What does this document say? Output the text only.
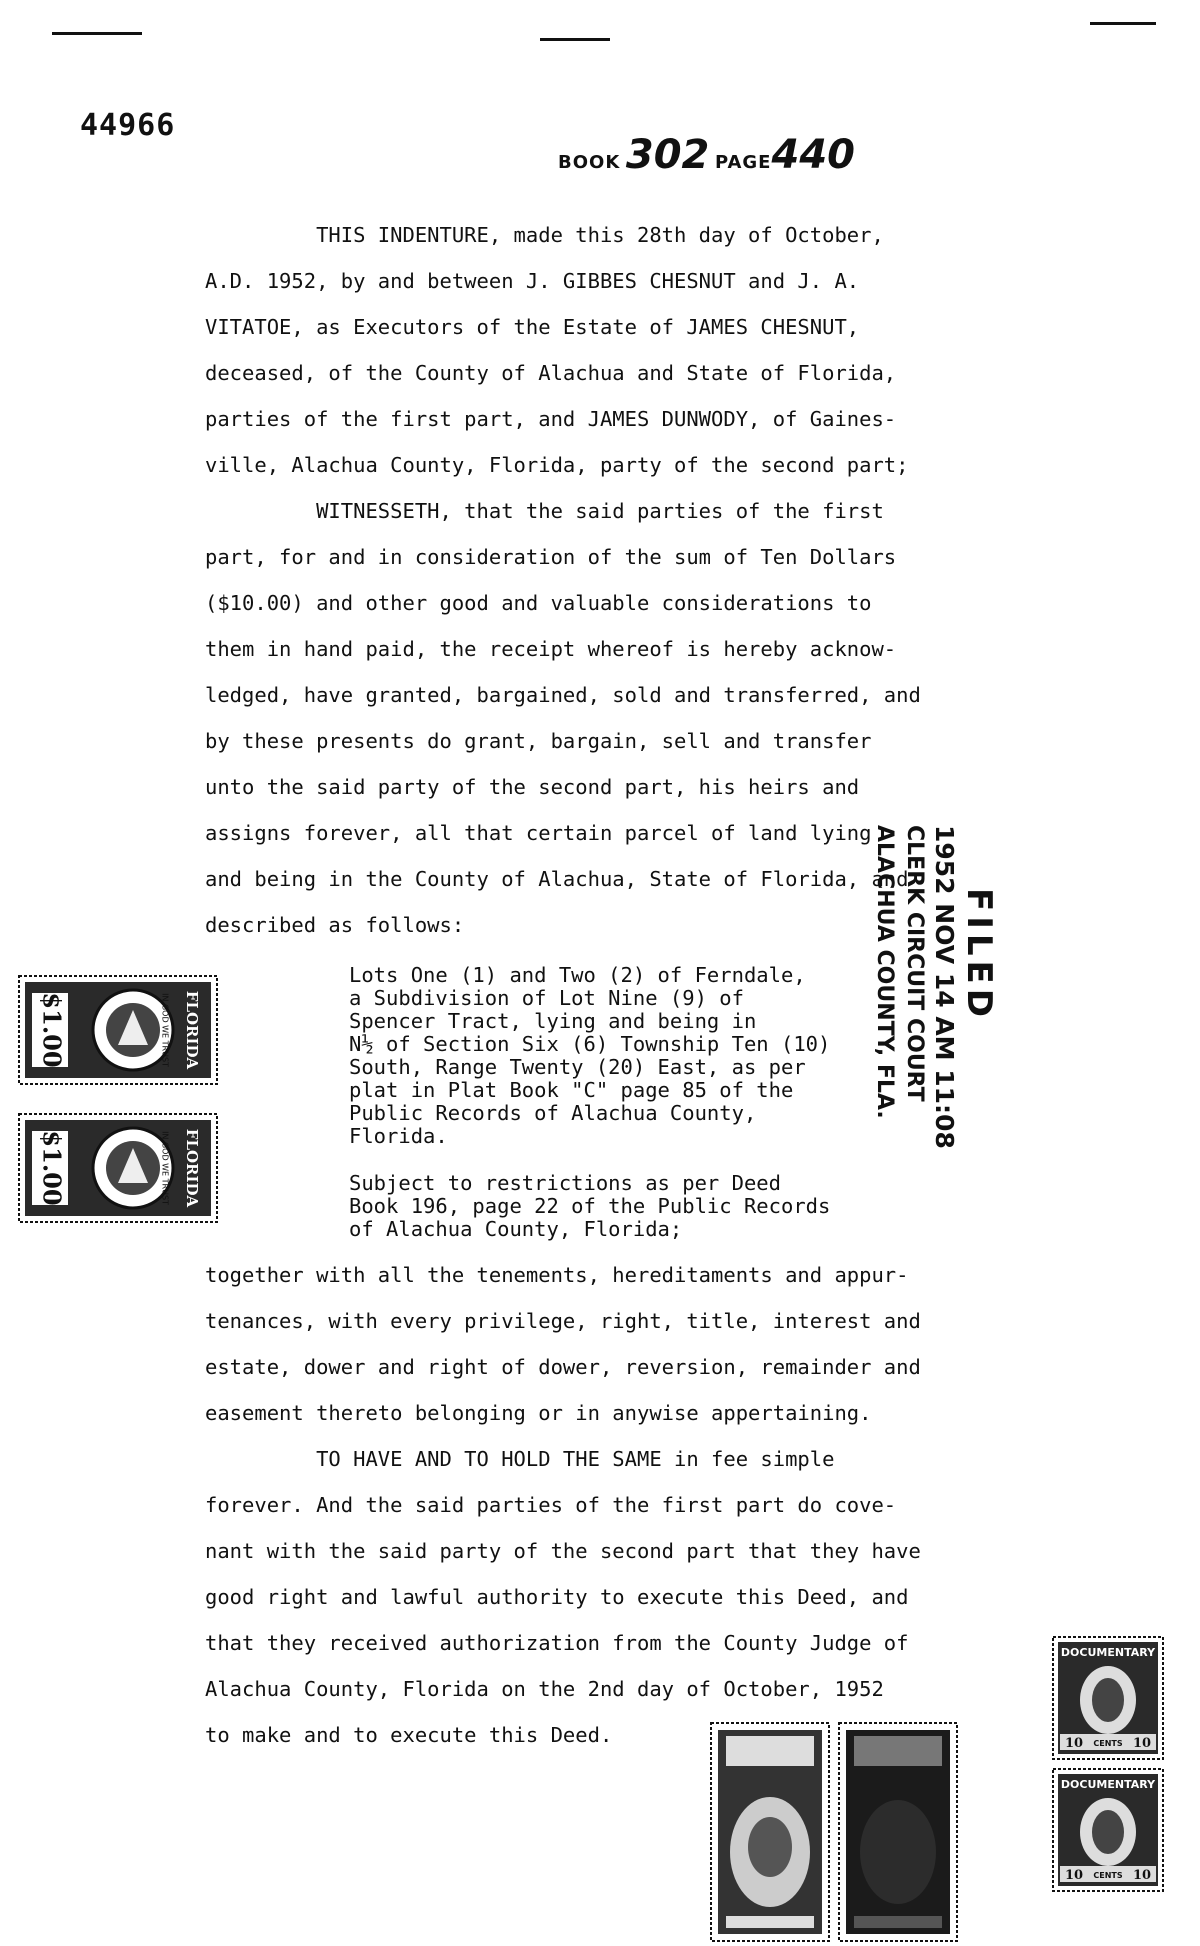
44966
BOOK 302 PAGE440
THIS INDENTURE, made this 28th day of October,
A.D. 1952, by and between J. GIBBES CHESNUT and J. A.
VITATOE, as Executors of the Estate of JAMES CHESNUT,
deceased, of the County of Alachua and State of Florida,
parties of the first part, and JAMES DUNWODY, of Gaines-
ville, Alachua County, Florida, party of the second part;
WITNESSETH, that the said parties of the first
part, for and in consideration of the sum of Ten Dollars
($10.00) and other good and valuable considerations to
them in hand paid, the receipt whereof is hereby acknow-
ledged, have granted, bargained, sold and transferred, and
by these presents do grant, bargain, sell and transfer
unto the said party of the second part, his heirs and
assigns forever, all that certain parcel of land lying
and being in the County of Alachua, State of Florida, and
described as follows:
Lots One (1) and Two (2) of Ferndale,
a Subdivision of Lot Nine (9) of
Spencer Tract, lying and being in
N½ of Section Six (6) Township Ten (10)
South, Range Twenty (20) East, as per
plat in Plat Book "C" page 85 of the
Public Records of Alachua County,
Florida.
Subject to restrictions as per Deed
Book 196, page 22 of the Public Records
of Alachua County, Florida;
together with all the tenements, hereditaments and appur-
tenances, with every privilege, right, title, interest and
estate, dower and right of dower, reversion, remainder and
easement thereto belonging or in anywise appertaining.
TO HAVE AND TO HOLD THE SAME in fee simple
forever. And the said parties of the first part do cove-
nant with the said party of the second part that they have
good right and lawful authority to execute this Deed, and
that they received authorization from the County Judge of
Alachua County, Florida on the 2nd day of October, 1952
to make and to execute this Deed.
FILED
1952 NOV 14 AM 11:08
CLERK CIRCUIT COURT
ALACHUA COUNTY, FLA.
$1.00	FLORIDA
IN GOD WE TRUST
$1.00	FLORIDA
IN GOD WE TRUST
DOCUMENTARY
10 CENTS 10
DOCUMENTARY
10 CENTS 10
